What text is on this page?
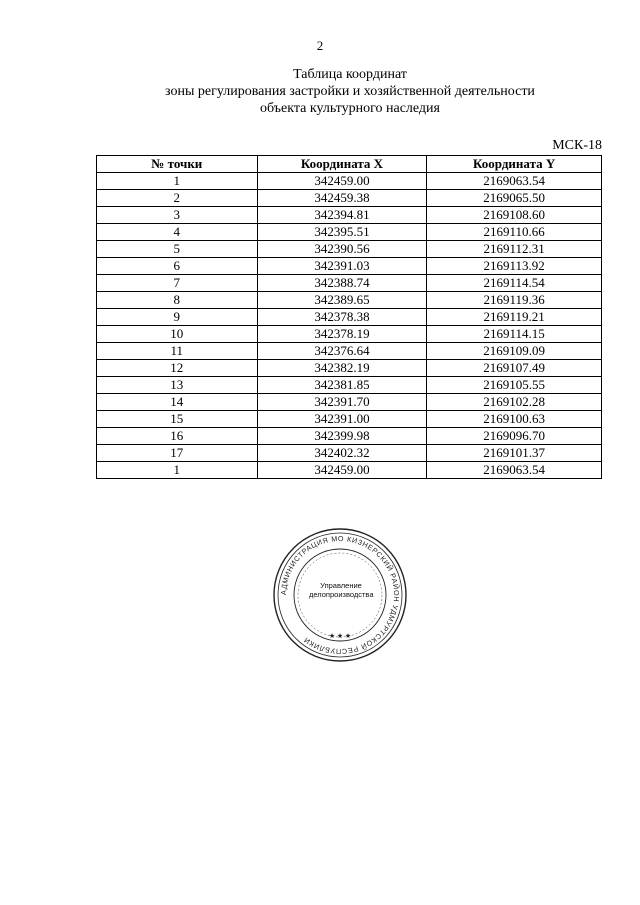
2
Таблица координат
зоны регулирования застройки и хозяйственной деятельности
объекта культурного наследия
МСК-18
№ точки	Координата X	Координата Y
1	342459.00	2169063.54
2	342459.38	2169065.50
3	342394.81	2169108.60
4	342395.51	2169110.66
5	342390.56	2169112.31
6	342391.03	2169113.92
7	342388.74	2169114.54
8	342389.65	2169119.36
9	342378.38	2169119.21
10	342378.19	2169114.15
11	342376.64	2169109.09
12	342382.19	2169107.49
13	342381.85	2169105.55
14	342391.70	2169102.28
15	342391.00	2169100.63
16	342399.98	2169096.70
17	342402.32	2169101.37
1	342459.00	2169063.54
АДМИНИСТРАЦИЯ МО КИЗНЕРСКИЙ РАЙОН УДМУРТСКОЙ РЕСПУБЛИКИ	★ ★ ★
Управление
делопроизводства
